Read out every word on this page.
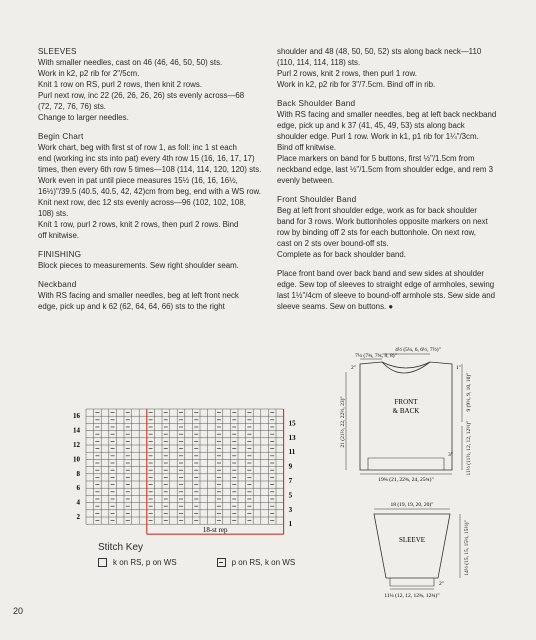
SLEEVES

With smaller needles, cast on 46 (46, 46, 50, 50) sts.

Work in k2, p2 rib for 2"/5cm.

Knit 1 row on RS, purl 2 rows, then knit 2 rows.

Purl next row, inc 22 (26, 26, 26, 26) sts evenly across—68

(72, 72, 76, 76) sts.

Change to larger needles.

Begin Chart

Work chart, beg with first st of row 1, as foll: inc 1 st each

end (working inc sts into pat) every 4th row 15 (16, 16, 17, 17)

times, then every 6th row 5 times—108 (114, 114, 120, 120) sts.

Work even in pat until piece measures 15½ (16, 16, 16½,

16½)"/39.5 (40.5, 40.5, 42, 42)cm from beg, end with a WS row.

Knit next row, dec 12 sts evenly across—96 (102, 102, 108,

108) sts.

Knit 1 row, purl 2 rows, knit 2 rows, then purl 2 rows. Bind

off knitwise.

FINISHING

Block pieces to measurements. Sew right shoulder seam.

Neckband

With RS facing and smaller needles, beg at left front neck

edge, pick up and k 62 (62, 64, 64, 66) sts to the right

shoulder and 48 (48, 50, 50, 52) sts along back neck—110

(110, 114, 114, 118) sts.

Purl 2 rows, knit 2 rows, then purl 1 row.

Work in k2, p2 rib for 3"/7.5cm. Bind off in rib.

Back Shoulder Band

With RS facing and smaller needles, beg at left back neckband

edge, pick up and k 37 (41, 45, 49, 53) sts along back

shoulder edge. Purl 1 row. Work in k1, p1 rib for 1¼"/3cm.

Bind off knitwise.

Place markers on band for 5 buttons, first ½"/1.5cm from

neckband edge, last ½"/1.5cm from shoulder edge, and rem 3

evenly between.

Front Shoulder Band

Beg at left front shoulder edge, work as for back shoulder

band for 3 rows. Work buttonholes opposite markers on next

row by binding off 2 sts for each buttonhole. On next row,

cast on 2 sts over bound-off sts.

Complete as for back shoulder band.

Place front band over back band and sew sides at shoulder

edge. Sew top of sleeves to straight edge of armholes, sewing

last 1½"/4cm of sleeve to bound-off armhole sts. Sew side and

sleeve seams. Sew on buttons. ●

18-st rep
16
14
12
10
8
6
4
2
15
13
11
9
7
5
3
1
Stitch Key
k on RS, p on WS	p on RS, k on WS
FRONT
& BACK
4½ (5¼, 6, 6½, 7½)"
7¼ (7¾, 7¾, 8, 8)"
2"
21 (21½, 22, 22½, 23)"
1"
9 (9½, 9, 10, 10)"
11½ (11½, 12, 12, 12½)"
3"
19¾ (21, 22¾, 24, 25¾)"
18 (19, 19, 20, 20)"
SLEEVE	14½ (15, 15, 15½, 15½)"
2"
11¼ (12, 12, 12¾, 12¾)"
20
